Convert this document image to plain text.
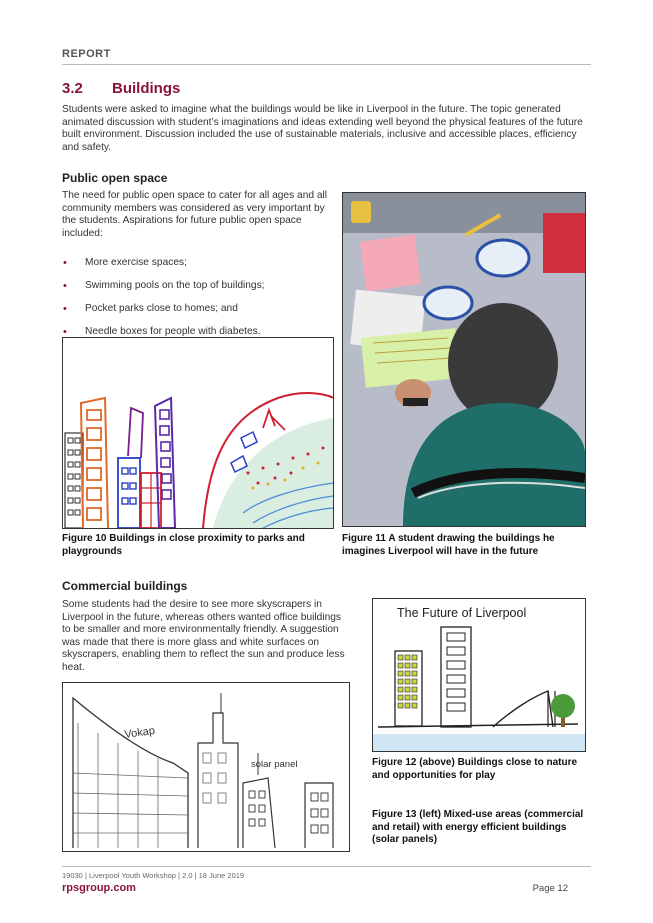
REPORT
3.2 Buildings
Students were asked to imagine what the buildings would be like in Liverpool in the future. The topic generated animated discussion with student’s imaginations and ideas extending well beyond the physical features of the future built environment. Discussion included the use of sustainable materials, inclusive and accessible places, efficiency and safety.
Public open space
The need for public open space to cater for all ages and all community members was considered as very important by the students. Aspirations for future public open space included:
• More exercise spaces;
• Swimming pools on the top of buildings;
• Pocket parks close to homes; and
• Needle boxes for people with diabetes.
Figure 10 Buildings in close proximity to parks and playgrounds
Figure 11 A student drawing the buildings he imagines Liverpool will have in the future
Commercial buildings
Some students had the desire to see more skyscrapers in Liverpool in the future, whereas others wanted office buildings to be smaller and more environmentally friendly. A suggestion was made that there is more glass and white surfaces on skyscrapers, enabling them to reflect the sun and produce less heat.
The Future of Liverpool
Figure 12 (above) Buildings close to nature and opportunities for play
Vokap
solar panel
Figure 13 (left) Mixed-use areas (commercial and retail) with energy efficient buildings (solar panels)
19030 | Liverpool Youth Workshop | 2.0 | 18 June 2019
rpsgroup.com	Page 12
